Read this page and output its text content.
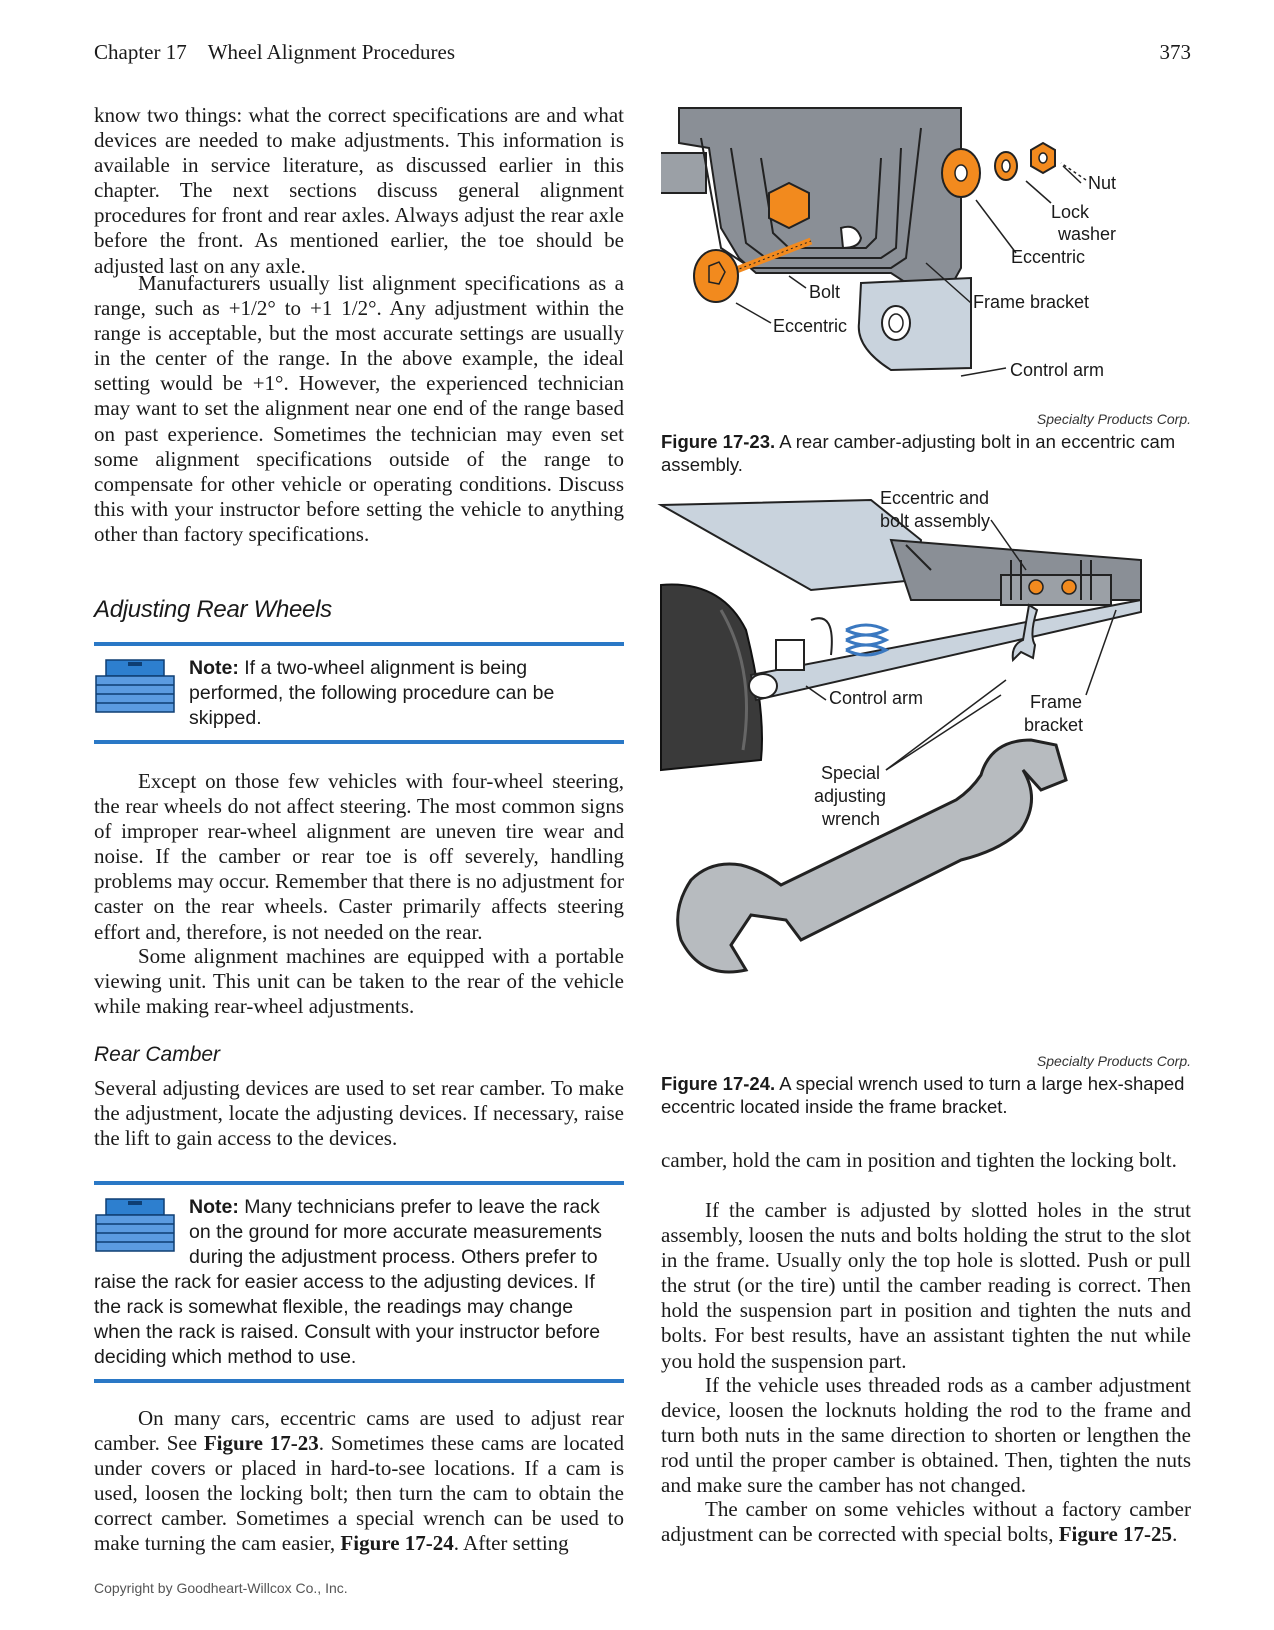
Chapter 17 Wheel Alignment Procedures	373

know two things: what the correct specifications are and what devices are needed to make adjustments. This information is available in service literature, as discussed earlier in this chapter. The next sections discuss general alignment procedures for front and rear axles. Always adjust the rear axle before the front. As mentioned earlier, the toe should be adjusted last on any axle.

Manufacturers usually list alignment specifications as a range, such as +1/2° to +1 1/2°. Any adjustment within the range is acceptable, but the most accurate settings are usually in the center of the range. In the above example, the ideal setting would be +1°. However, the experienced technician may want to set the alignment near one end of the range based on past experience. Sometimes the technician may even set some alignment specifications outside of the range to compensate for other vehicle or operating conditions. Discuss this with your instructor before setting the vehicle to anything other than factory specifications.

Adjusting Rear Wheels
Note: If a two-wheel alignment is being performed, the following procedure can be skipped.

Except on those few vehicles with four-wheel steering, the rear wheels do not affect steering. The most common signs of improper rear-wheel alignment are uneven tire wear and noise. If the camber or rear toe is off severely, handling problems may occur. Remember that there is no adjustment for caster on the rear wheels. Caster primarily affects steering effort and, therefore, is not needed on the rear.

Some alignment machines are equipped with a portable viewing unit. This unit can be taken to the rear of the vehicle while making rear-wheel adjustments.

Rear Camber

Several adjusting devices are used to set rear camber. To make the adjustment, locate the adjusting devices. If necessary, raise the lift to gain access to the devices.

Note: Many technicians prefer to leave the rack on the ground for more accurate measurements during the adjustment process. Others prefer to raise the rack for easier access to the adjusting devices. If the rack is somewhat flexible, the readings may change when the rack is raised. Consult with your instructor before deciding which method to use.

On many cars, eccentric cams are used to adjust rear camber. See Figure 17-23. Sometimes these cams are located under covers or placed in hard-to-see locations. If a cam is used, loosen the locking bolt; then turn the cam to obtain the correct camber. Sometimes a special wrench can be used to make turning the cam easier, Figure 17-24. After setting

Nut
Lock
washer
Eccentric
Bolt	Frame bracket
Eccentric
Control arm
Specialty Products Corp.
Figure 17-23. A rear camber-adjusting bolt in an eccentric cam assembly.
Eccentric and
bolt assembly
Control arm	Frame
bracket
Special
adjusting
wrench
Specialty Products Corp.
Figure 17-24. A special wrench used to turn a large hex-shaped eccentric located inside the frame bracket.

camber, hold the cam in position and tighten the locking bolt.

If the camber is adjusted by slotted holes in the strut assembly, loosen the nuts and bolts holding the strut to the slot in the frame. Usually only the top hole is slotted. Push or pull the strut (or the tire) until the camber reading is correct. Then hold the suspension part in position and tighten the nuts and bolts. For best results, have an assistant tighten the nut while you hold the suspension part.

If the vehicle uses threaded rods as a camber adjustment device, loosen the locknuts holding the rod to the frame and turn both nuts in the same direction to shorten or lengthen the rod until the proper camber is obtained. Then, tighten the nuts and make sure the camber has not changed.

The camber on some vehicles without a factory camber adjustment can be corrected with special bolts, Figure 17-25.

Copyright by Goodheart-Willcox Co., Inc.
